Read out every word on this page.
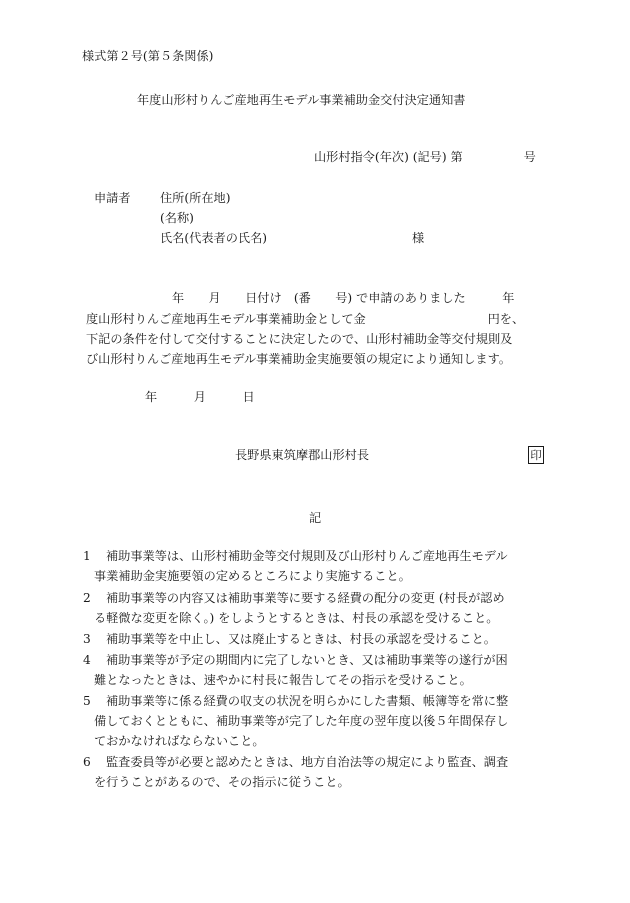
様式第２号(第５条関係)
年度山形村りんご産地再生モデル事業補助金交付決定通知書
山形村指令(年次) (記号) 第　　　　　号
申請者 住所(所在地)
(名称)
氏名(代表者の氏名)	様
年　　月　　日付け　(番　　号) で申請のありました　　　年
度山形村りんご産地再生モデル事業補助金として金　　　　　　　　　　円を、
下記の条件を付して交付することに決定したので、山形村補助金等交付規則及
び山形村りんご産地再生モデル事業補助金実施要領の規定により通知します。
年　　　月　　　日
長野県東筑摩郡山形村長	印
記
1 補助事業等は、山形村補助金等交付規則及び山形村りんご産地再生モデル
事業補助金実施要領の定めるところにより実施すること。
2 補助事業等の内容又は補助事業等に要する経費の配分の変更 (村長が認め
る軽微な変更を除く。) をしようとするときは、村長の承認を受けること。
3 補助事業等を中止し、又は廃止するときは、村長の承認を受けること。
4 補助事業等が予定の期間内に完了しないとき、又は補助事業等の遂行が困
難となったときは、速やかに村長に報告してその指示を受けること。
5 補助事業等に係る経費の収支の状況を明らかにした書類、帳簿等を常に整
備しておくとともに、補助事業等が完了した年度の翌年度以後５年間保存し
ておかなければならないこと。
6 監査委員等が必要と認めたときは、地方自治法等の規定により監査、調査
を行うことがあるので、その指示に従うこと。
